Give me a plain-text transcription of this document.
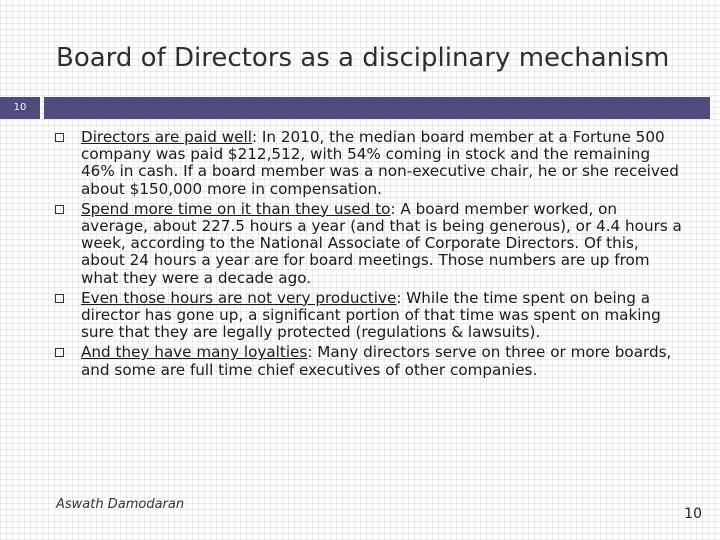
Board of Directors as a disciplinary mechanism
10
Directors are paid well: In 2010, the median board member at a Fortune 500 company was paid $212,512, with 54% coming in stock and the remaining 46% in cash. If a board member was a non-executive chair, he or she received about $150,000 more in compensation.
Spend more time on it than they used to: A board member worked, on average, about 227.5 hours a year (and that is being generous), or 4.4 hours a week, according to the National Associate of Corporate Directors. Of this, about 24 hours a year are for board meetings. Those numbers are up from what they were a decade ago.
Even those hours are not very productive: While the time spent on being a director has gone up, a significant portion of that time was spent on making sure that they are legally protected (regulations & lawsuits).
And they have many loyalties: Many directors serve on three or more boards, and some are full time chief executives of other companies.
Aswath Damodaran
10
